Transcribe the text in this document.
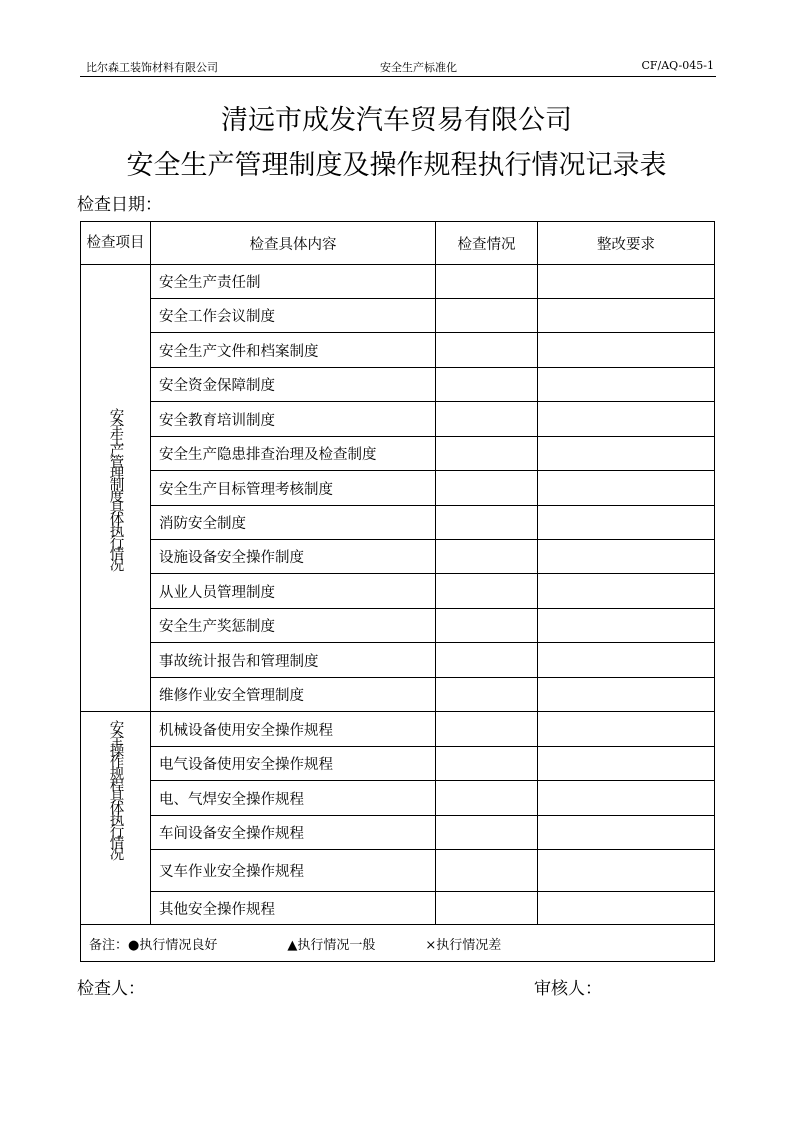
比尔森工装饰材料有限公司	安全生产标准化	CF/AQ-045-1
清远市成发汽车贸易有限公司
安全生产管理制度及操作规程执行情况记录表
检查日期：
检查项目	检查具体内容	检查情况	整改要求

安全生产管理制度具体执行情况	安全生产责任制		
	安全工作会议制度		
	安全生产文件和档案制度		
	安全资金保障制度		
	安全教育培训制度		
	安全生产隐患排查治理及检查制度		
	安全生产目标管理考核制度		
	消防安全制度		
	设施设备安全操作制度		
	从业人员管理制度		
	安全生产奖惩制度		
	事故统计报告和管理制度		
	维修作业安全管理制度		

安全操作规程具体执行情况	机械设备使用安全操作规程		
	电气设备使用安全操作规程		
	电、气焊安全操作规程		
	车间设备安全操作规程		
	叉车作业安全操作规程		
	其他安全操作规程		
备注：●执行情况良好 ▲执行情况一般 ×执行情况差			
检查人：	审核人：
